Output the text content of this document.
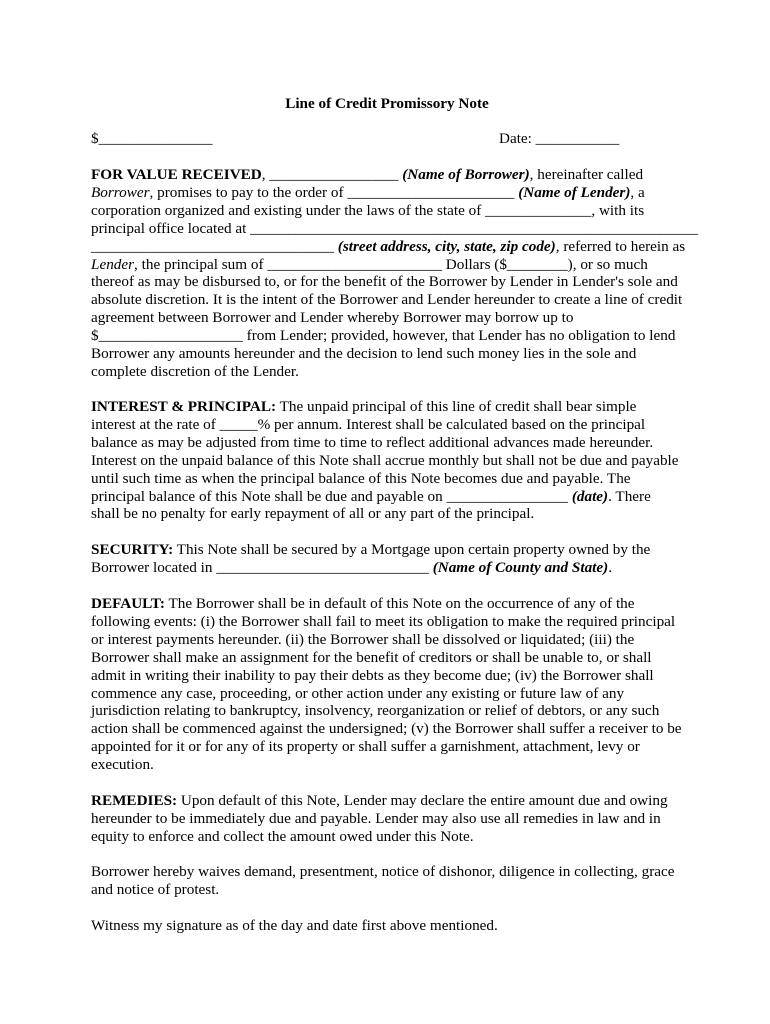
Line of Credit Promissory Note
$_______________	Date: ___________
FOR VALUE RECEIVED, _________________ (Name of Borrower), hereinafter called
Borrower, promises to pay to the order of ______________________ (Name of Lender), a
corporation organized and existing under the laws of the state of ______________, with its
principal office located at ___________________________________________________________
________________________________ (street address, city, state, zip code), referred to herein as
Lender, the principal sum of _______________________ Dollars ($________), or so much
thereof as may be disbursed to, or for the benefit of the Borrower by Lender in Lender's sole and
absolute discretion. It is the intent of the Borrower and Lender hereunder to create a line of credit
agreement between Borrower and Lender whereby Borrower may borrow up to
$___________________ from Lender; provided, however, that Lender has no obligation to lend
Borrower any amounts hereunder and the decision to lend such money lies in the sole and
complete discretion of the Lender.
INTEREST & PRINCIPAL: The unpaid principal of this line of credit shall bear simple
interest at the rate of _____% per annum. Interest shall be calculated based on the principal
balance as may be adjusted from time to time to reflect additional advances made hereunder.
Interest on the unpaid balance of this Note shall accrue monthly but shall not be due and payable
until such time as when the principal balance of this Note becomes due and payable. The
principal balance of this Note shall be due and payable on ________________ (date). There
shall be no penalty for early repayment of all or any part of the principal.
SECURITY: This Note shall be secured by a Mortgage upon certain property owned by the
Borrower located in ____________________________ (Name of County and State).
DEFAULT: The Borrower shall be in default of this Note on the occurrence of any of the
following events: (i) the Borrower shall fail to meet its obligation to make the required principal
or interest payments hereunder. (ii) the Borrower shall be dissolved or liquidated; (iii) the
Borrower shall make an assignment for the benefit of creditors or shall be unable to, or shall
admit in writing their inability to pay their debts as they become due; (iv) the Borrower shall
commence any case, proceeding, or other action under any existing or future law of any
jurisdiction relating to bankruptcy, insolvency, reorganization or relief of debtors, or any such
action shall be commenced against the undersigned; (v) the Borrower shall suffer a receiver to be
appointed for it or for any of its property or shall suffer a garnishment, attachment, levy or
execution.
REMEDIES: Upon default of this Note, Lender may declare the entire amount due and owing
hereunder to be immediately due and payable. Lender may also use all remedies in law and in
equity to enforce and collect the amount owed under this Note.
Borrower hereby waives demand, presentment, notice of dishonor, diligence in collecting, grace
and notice of protest.
Witness my signature as of the day and date first above mentioned.
